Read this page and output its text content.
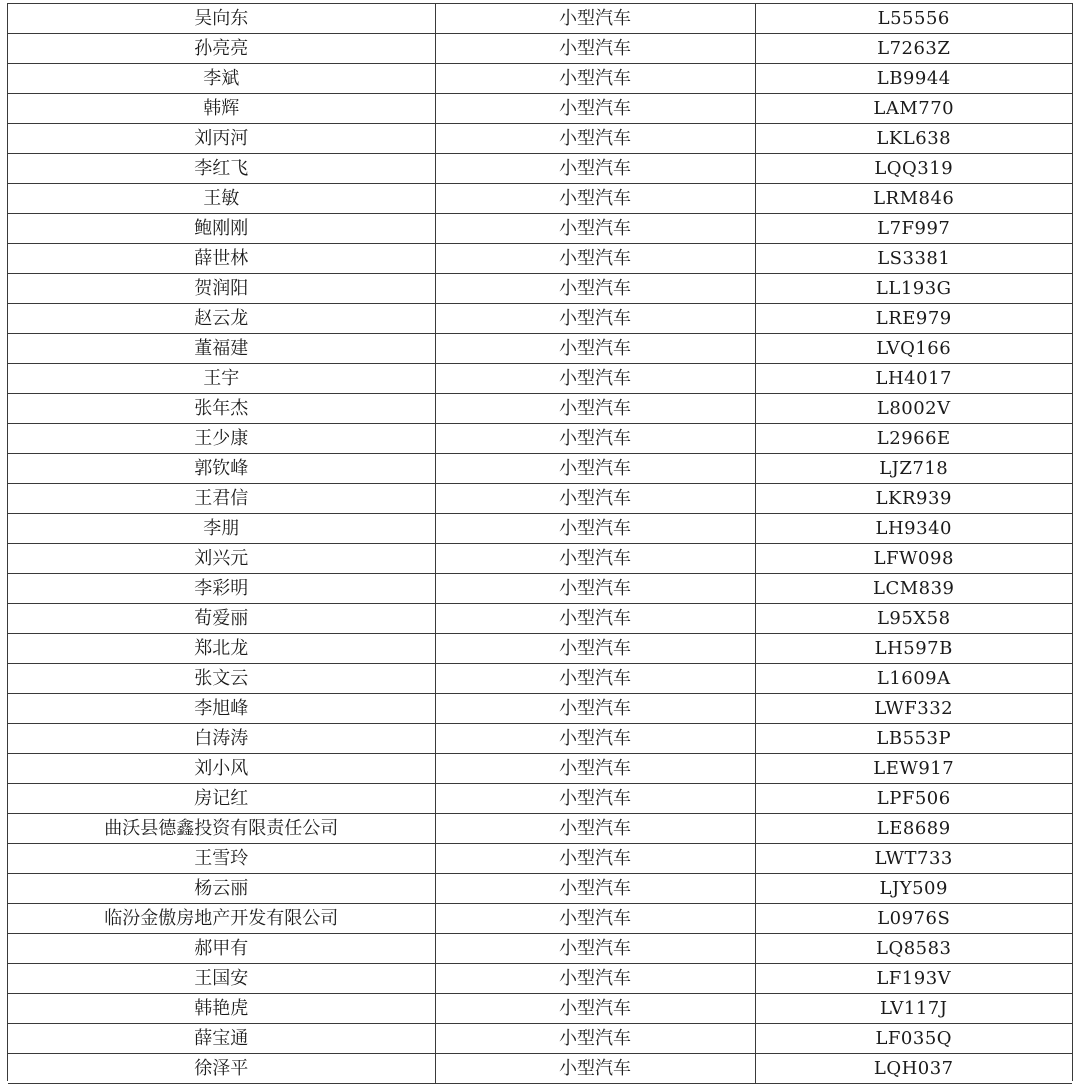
吴向东	小型汽车	L55556
孙亮亮	小型汽车	L7263Z
李斌	小型汽车	LB9944
韩辉	小型汽车	LAM770
刘丙河	小型汽车	LKL638
李红飞	小型汽车	LQQ319
王敏	小型汽车	LRM846
鲍刚刚	小型汽车	L7F997
薛世林	小型汽车	LS3381
贺润阳	小型汽车	LL193G
赵云龙	小型汽车	LRE979
董福建	小型汽车	LVQ166
王宇	小型汽车	LH4017
张年杰	小型汽车	L8002V
王少康	小型汽车	L2966E
郭钦峰	小型汽车	LJZ718
王君信	小型汽车	LKR939
李朋	小型汽车	LH9340
刘兴元	小型汽车	LFW098
李彩明	小型汽车	LCM839
荀爱丽	小型汽车	L95X58
郑北龙	小型汽车	LH597B
张文云	小型汽车	L1609A
李旭峰	小型汽车	LWF332
白涛涛	小型汽车	LB553P
刘小风	小型汽车	LEW917
房记红	小型汽车	LPF506
曲沃县德鑫投资有限责任公司	小型汽车	LE8689
王雪玲	小型汽车	LWT733
杨云丽	小型汽车	LJY509
临汾金傲房地产开发有限公司	小型汽车	L0976S
郝甲有	小型汽车	LQ8583
王国安	小型汽车	LF193V
韩艳虎	小型汽车	LV117J
薛宝通	小型汽车	LF035Q
徐泽平	小型汽车	LQH037
